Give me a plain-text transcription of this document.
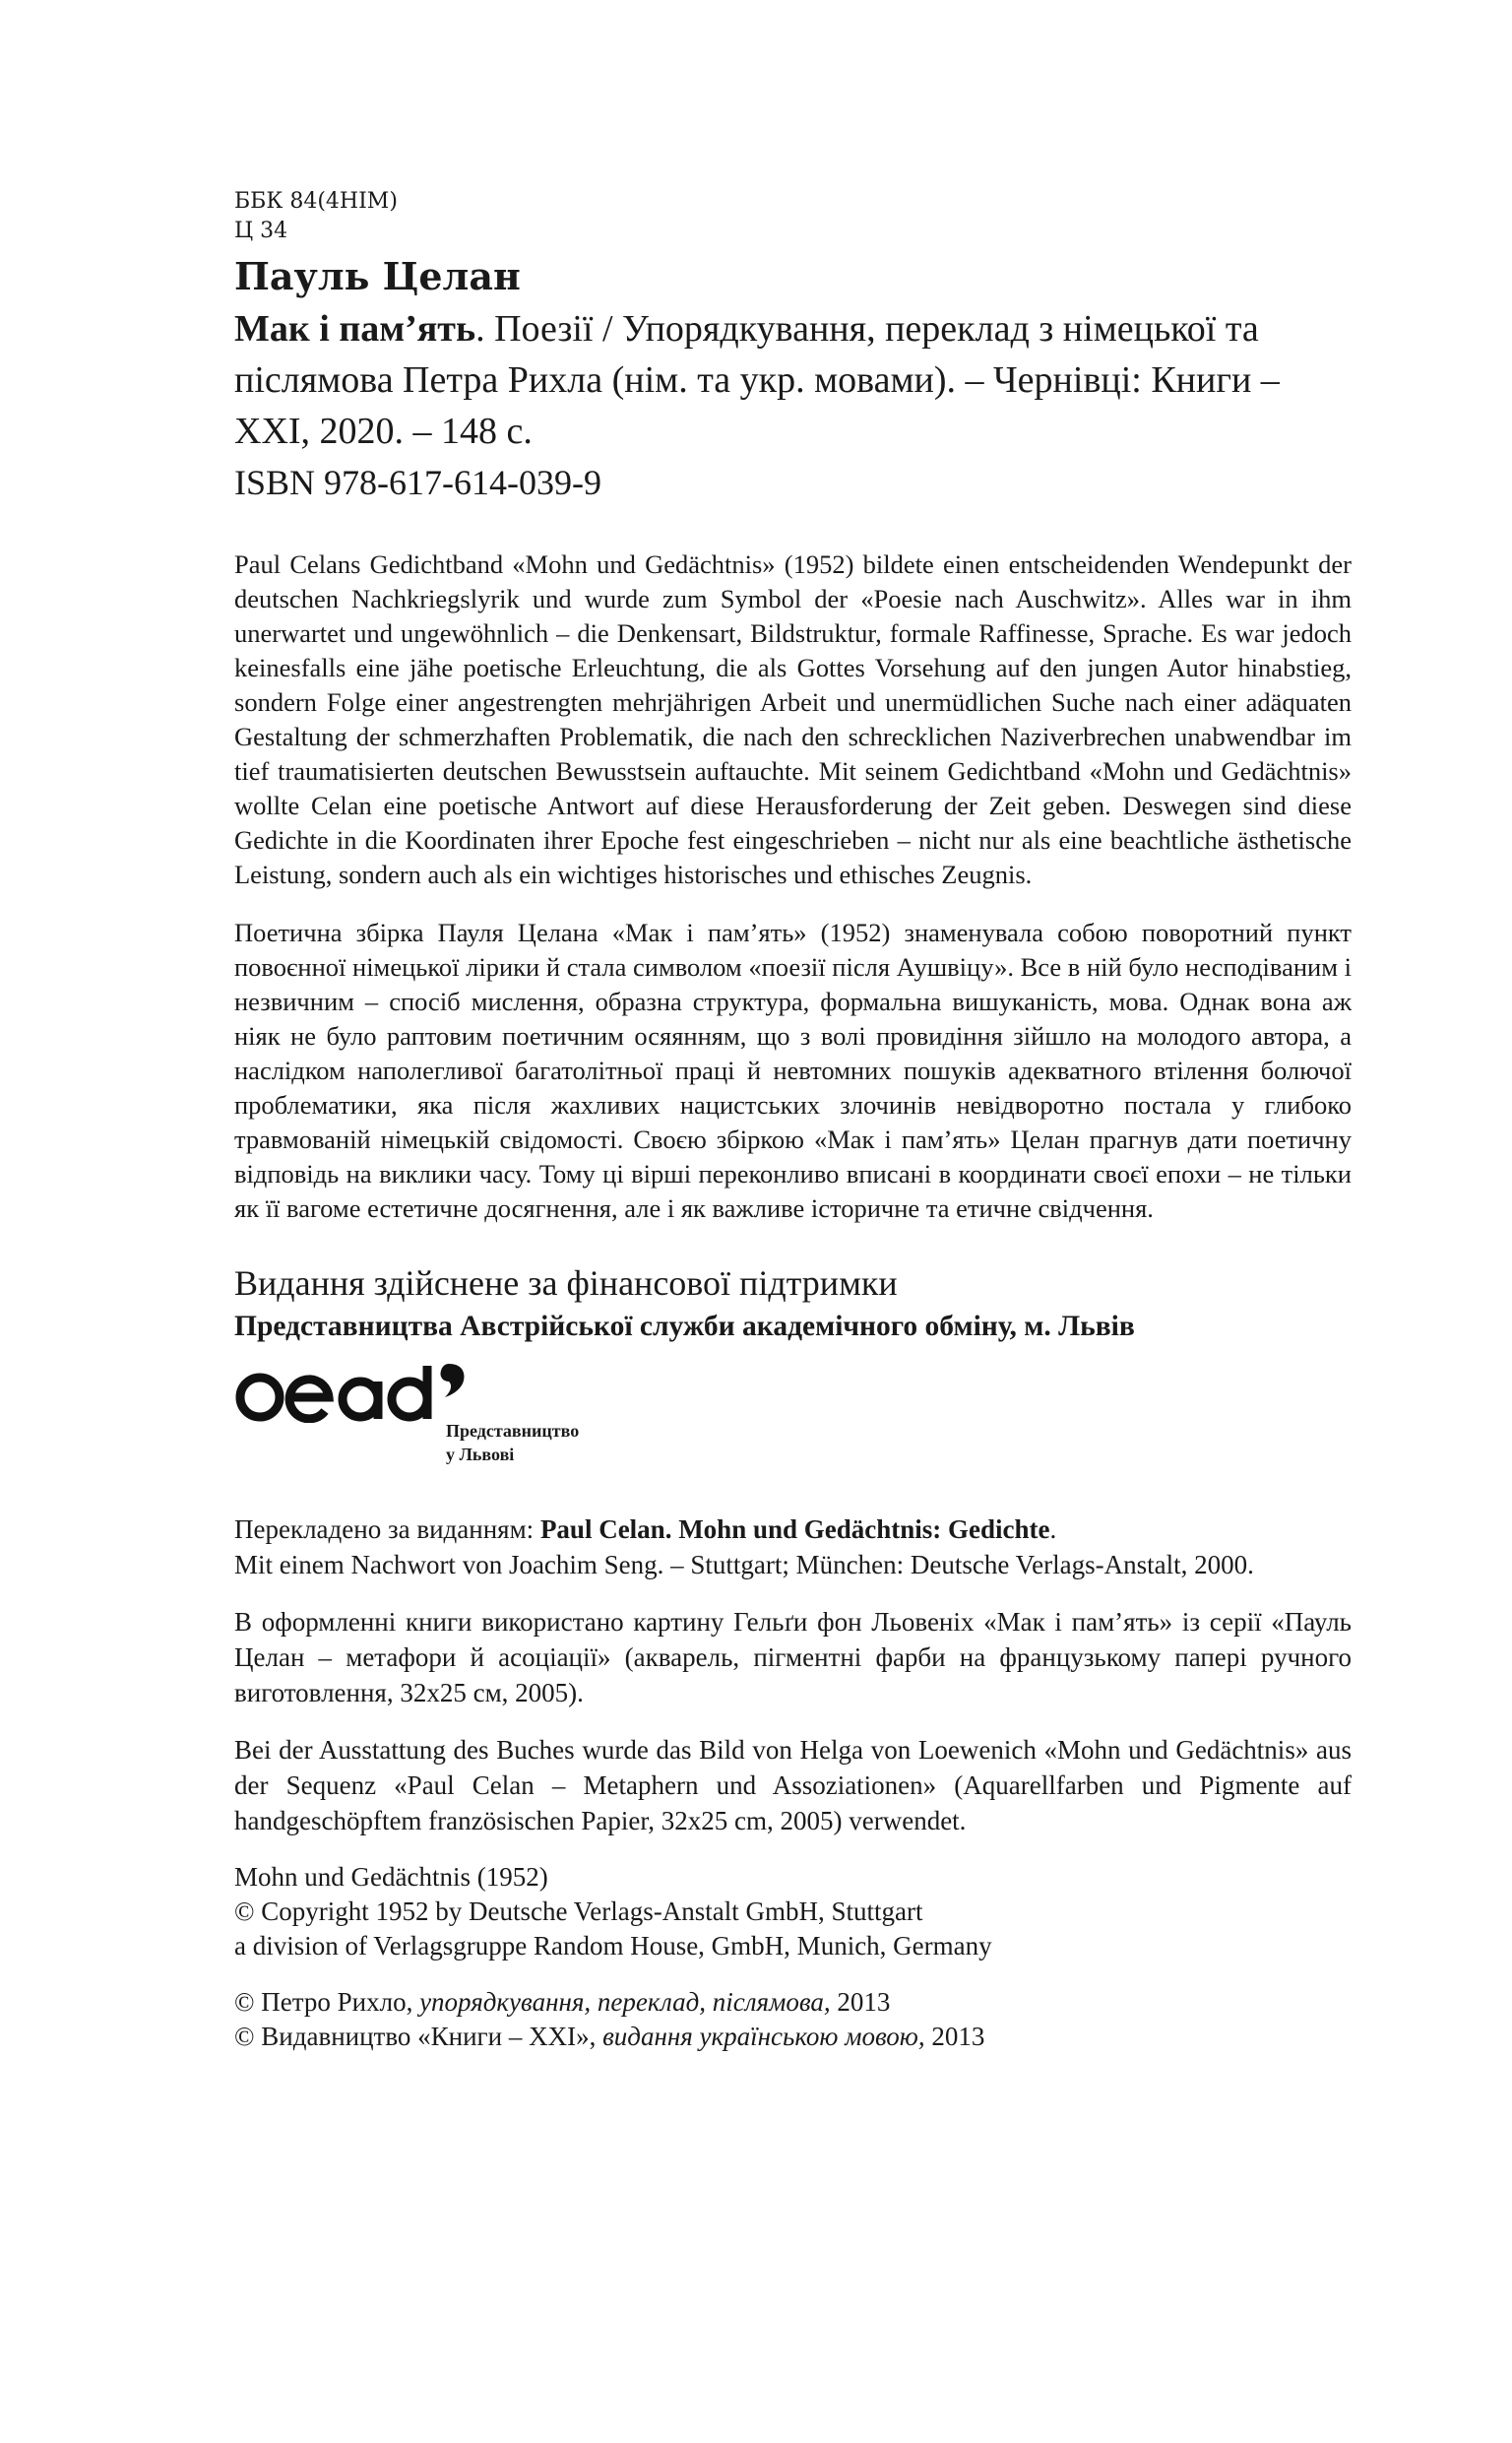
ББК 84(4НІМ)
Ц 34
Пауль Целан
Мак і пам’ять. Поезії / Упорядкування, переклад з німецької та післямова Петра Рихла (нім. та укр. мовами). – Чернівці: Книги – ХХІ, 2020. – 148 с.
ISBN 978-617-614-039-9
Paul Celans Gedichtband «Mohn und Gedächtnis» (1952) bildete einen entscheidenden Wendepunkt der deutschen Nachkriegslyrik und wurde zum Symbol der «Poesie nach Auschwitz». Alles war in ihm unerwartet und ungewöhnlich – die Denkensart, Bildstruktur, formale Raffinesse, Sprache. Es war jedoch keinesfalls eine jähe poetische Erleuchtung, die als Gottes Vorsehung auf den jungen Autor hinabstieg, sondern Folge einer angestrengten mehrjährigen Arbeit und unermüdlichen Suche nach einer adäquaten Gestaltung der schmerzhaften Problematik, die nach den schrecklichen Naziverbrechen unabwendbar im tief traumatisierten deutschen Bewusstsein auftauchte. Mit seinem Gedichtband «Mohn und Gedächtnis» wollte Celan eine poetische Antwort auf diese Herausforderung der Zeit geben. Deswegen sind diese Gedichte in die Koordinaten ihrer Epoche fest eingeschrieben – nicht nur als eine beachtliche ästhetische Leistung, sondern auch als ein wichtiges historisches und ethisches Zeugnis.
Поетична збірка Пауля Целана «Мак і пам’ять» (1952) знаменувала собою поворотний пункт повоєнної німецької лірики й стала символом «поезії після Аушвіцу». Все в ній було несподіваним і незвичним – спосіб мислення, образна структура, формальна вишуканість, мова. Однак вона аж ніяк не було раптовим поетичним осяянням, що з волі провидіння зійшло на молодого автора, а наслідком наполегливої багатолітньої праці й невтомних пошуків адекватного втілення болючої проблематики, яка після жахливих нацистських злочинів невідворотно постала у глибоко травмованій німецькій свідомості. Своєю збіркою «Мак і пам’ять» Целан прагнув дати поетичну відповідь на виклики часу. Тому ці вірші переконливо вписані в координати своєї епохи – не тільки як її вагоме естетичне досягнення, але і як важливе історичне та етичне свідчення.
Видання здійснене за фінансової підтримки
Представництва Австрійської служби академічного обміну, м. Львів
oead	Представництво
у Львові
Перекладено за виданням: Paul Celan. Mohn und Gedächtnis: Gedichte.
Mit einem Nachwort von Joachim Seng. – Stuttgart; München: Deutsche Verlags-Anstalt, 2000.
В оформленні книги використано картину Гельґи фон Льовеніх «Мак і пам’ять» із серії «Пауль Целан – метафори й асоціації» (акварель, пігментні фарби на французькому папері ручного виготовлення, 32х25 см, 2005).
Bei der Ausstattung des Buches wurde das Bild von Helga von Loewenich «Mohn und Gedächtnis» aus der Sequenz «Paul Celan – Metaphern und Assoziationen» (Aquarellfarben und Pigmente auf handgeschöpftem französischen Papier, 32x25 cm, 2005) verwendet.
Mohn und Gedächtnis (1952)
© Copyright 1952 by Deutsche Verlags-Anstalt GmbH, Stuttgart
a division of Verlagsgruppe Random House, GmbH, Munich, Germany
© Петро Рихло, упорядкування, переклад, післямова, 2013
© Видавництво «Книги – ХХІ», видання українською мовою, 2013
